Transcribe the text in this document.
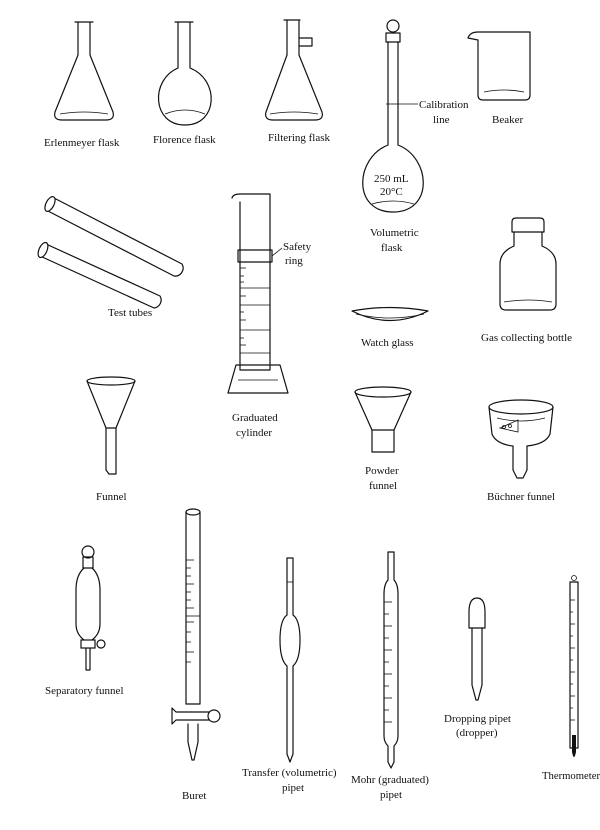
Erlenmeyer flask	Florence flask	Filtering flask
Calibration
line
250 mL
20°C
Volumetric
flask
Beaker
Test tubes
Safety
ring
Graduated
cylinder
Watch glass	Gas collecting bottle
Funnel
Powder
funnel
Büchner funnel
Separatory funnel
Buret
Transfer (volumetric)
pipet
Mohr (graduated)
pipet
Dropping pipet
(dropper)
Thermometer
